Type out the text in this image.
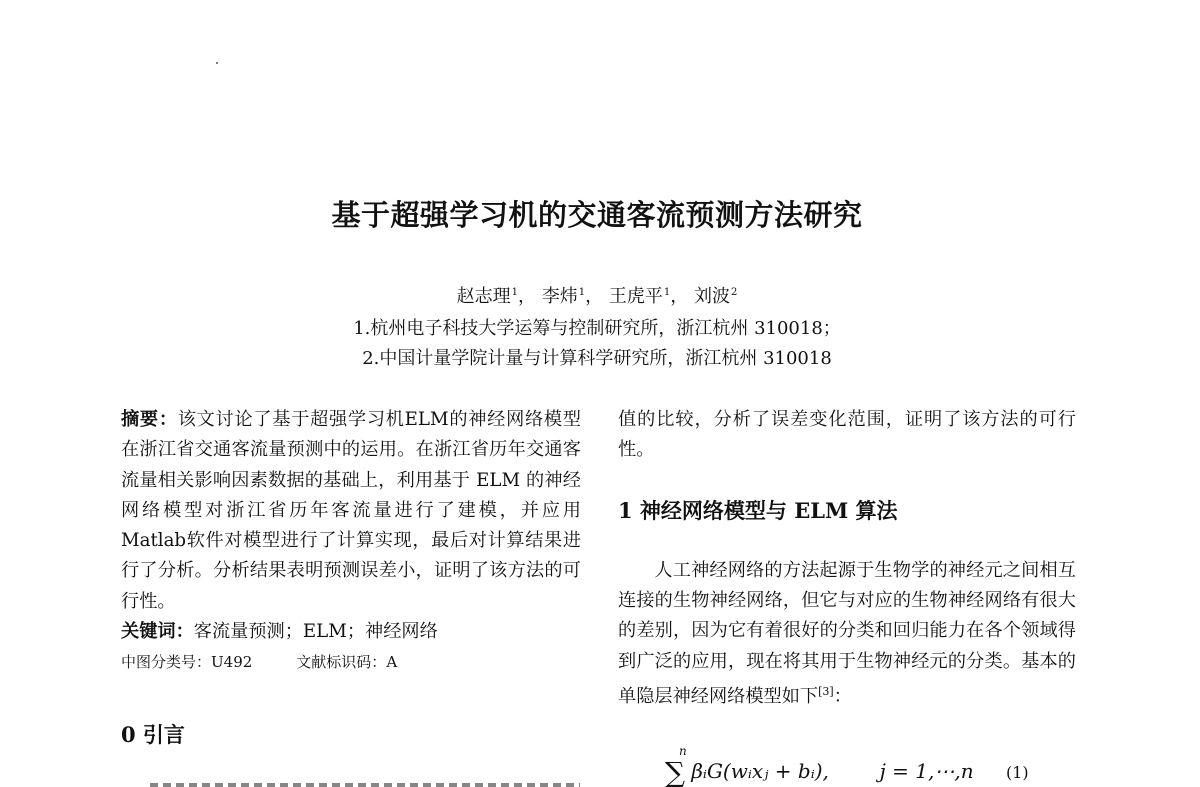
基于超强学习机的交通客流预测方法研究
赵志理$^1$， 李炜$^1$， 王虎平$^1$， 刘波$^2$
1.杭州电子科技大学运筹与控制研究所，浙江杭州 310018；
2.中国计量学院计量与计算科学研究所，浙江杭州 310018
摘要：该文讨论了基于超强学习机ELM的神经网络模型在浙江省交通客流量预测中的运用。在浙江省历年交通客流量相关影响因素数据的基础上，利用基于 ELM 的神经网络模型对浙江省历年客流量进行了建模，并应用Matlab软件对模型进行了计算实现，最后对计算结果进行了分析。分析结果表明预测误差小，证明了该方法的可行性。
关键词：客流量预测；ELM；神经网络
中图分类号：U492	文献标识码：A
0 引言
值的比较，分析了误差变化范围，证明了该方法的可行性。
1 神经网络模型与 ELM 算法
人工神经网络的方法起源于生物学的神经元之间相互连接的生物神经网络，但它与对应的生物神经网络有很大的差别，因为它有着很好的分类和回归能力在各个领域得到广泛的应用，现在将其用于生物神经元的分类。基本的单隐层神经网络模型如下[3]：
∑
n
βᵢG(wᵢxⱼ + bᵢ),	j = 1,⋯,n (1)
